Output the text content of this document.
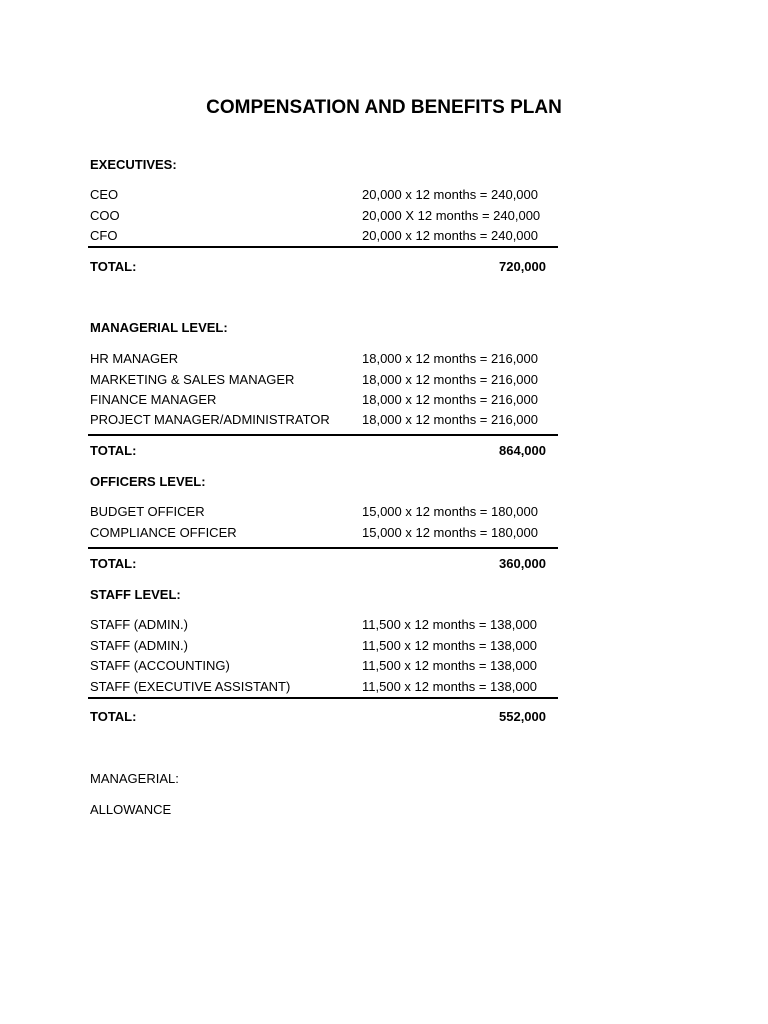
COMPENSATION AND BENEFITS PLAN
EXECUTIVES:
CEO	20,000 x 12 months = 240,000
COO	20,000 X 12 months = 240,000
CFO	20,000 x 12 months = 240,000
TOTAL:	720,000
MANAGERIAL LEVEL:
HR MANAGER	18,000 x 12 months = 216,000
MARKETING & SALES MANAGER	18,000 x 12 months = 216,000
FINANCE MANAGER	18,000 x 12 months = 216,000
PROJECT MANAGER/ADMINISTRATOR 18,000 x 12 months = 216,000
TOTAL:	864,000
OFFICERS LEVEL:
BUDGET OFFICER	15,000 x 12 months = 180,000
COMPLIANCE OFFICER	15,000 x 12 months = 180,000
TOTAL:	360,000
STAFF LEVEL:
STAFF (ADMIN.)	11,500 x 12 months = 138,000
STAFF (ADMIN.)	11,500 x 12 months = 138,000
STAFF (ACCOUNTING)	11,500 x 12 months = 138,000
STAFF (EXECUTIVE ASSISTANT)	11,500 x 12 months = 138,000
TOTAL:	552,000
MANAGERIAL:
ALLOWANCE
